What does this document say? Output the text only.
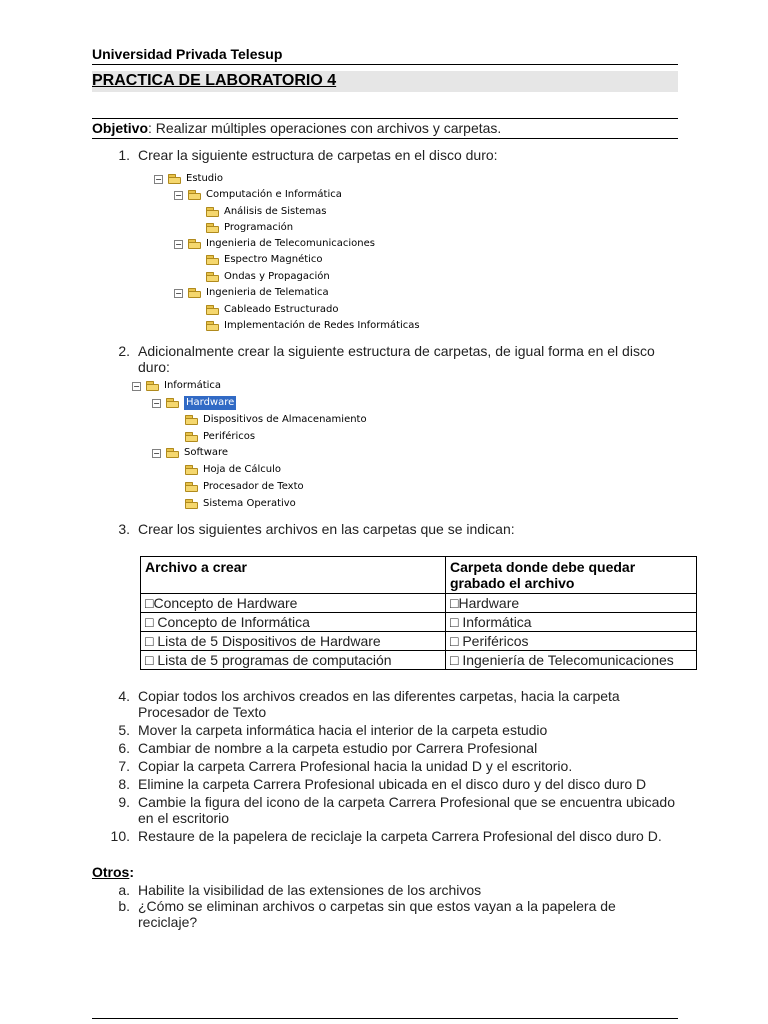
Universidad Privada Telesup
PRACTICA DE LABORATORIO 4
Objetivo: Realizar múltiples operaciones con archivos y carpetas.
1. Crear la siguiente estructura de carpetas en el disco duro:
− Estudio
− Computación e Informática
Análisis de Sistemas
Programación
− Ingenieria de Telecomunicaciones
Espectro Magnético
Ondas y Propagación
− Ingenieria de Telematica
Cableado Estructurado
Implementación de Redes Informáticas
2. Adicionalmente crear la siguiente estructura de carpetas, de igual forma en el disco duro:
− Informática
−	Hardware
Dispositivos de Almacenamiento
Periféricos
− Software
Hoja de Cálculo
Procesador de Texto
Sistema Operativo
3. Crear los siguientes archivos en las carpetas que se indican:
Archivo a crear	Carpeta donde debe quedar grabado el archivo
□Concepto de Hardware	□Hardware
□ Concepto de Informática	□ Informática
□ Lista de 5 Dispositivos de Hardware	□ Periféricos
□ Lista de 5 programas de computación	□ Ingeniería de Telecomunicaciones
4. Copiar todos los archivos creados en las diferentes carpetas, hacia la carpeta Procesador de Texto
5. Mover la carpeta informática hacia el interior de la carpeta estudio
6. Cambiar de nombre a la carpeta estudio por Carrera Profesional
7. Copiar la carpeta Carrera Profesional hacia la unidad D y el escritorio.
8. Elimine la carpeta Carrera Profesional ubicada en el disco duro y del disco duro D
9. Cambie la figura del icono de la carpeta Carrera Profesional que se encuentra ubicado en el escritorio
10. Restaure de la papelera de reciclaje la carpeta Carrera Profesional del disco duro D.
Otros:
a. Habilite la visibilidad de las extensiones de los archivos
b. ¿Cómo se eliminan archivos o carpetas sin que estos vayan a la papelera de reciclaje?
